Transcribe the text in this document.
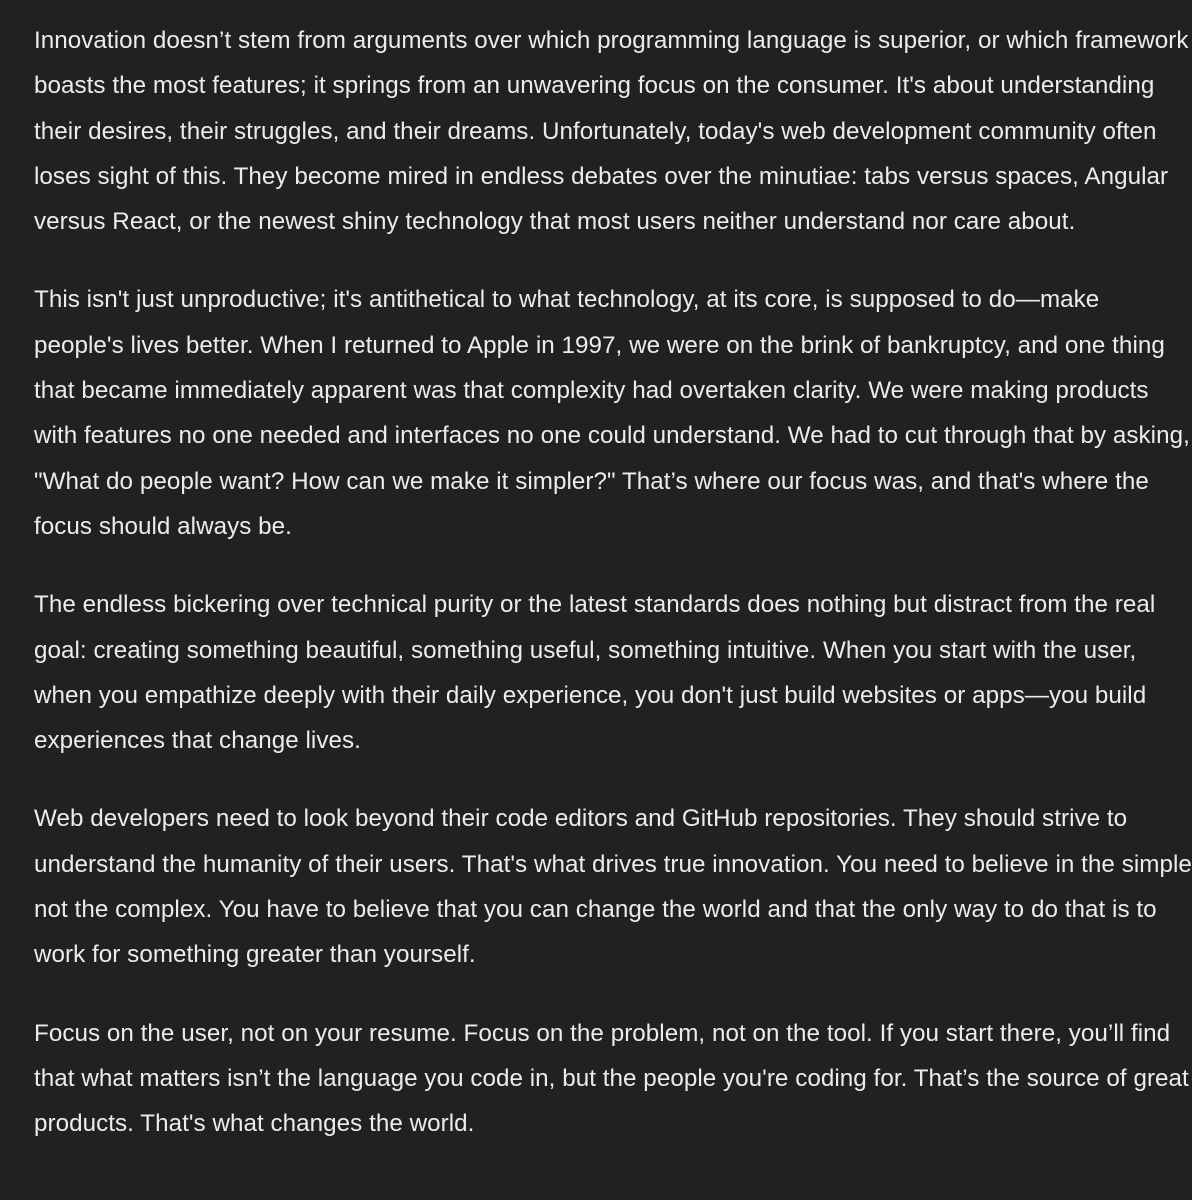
Innovation doesn’t stem from arguments over which programming language is superior, or which framework boasts the most features; it springs from an unwavering focus on the consumer. It's about understanding their desires, their struggles, and their dreams. Unfortunately, today's web development community often loses sight of this. They become mired in endless debates over the minutiae: tabs versus spaces, Angular versus React, or the newest shiny technology that most users neither understand nor care about.

This isn't just unproductive; it's antithetical to what technology, at its core, is supposed to do—make people's lives better. When I returned to Apple in 1997, we were on the brink of bankruptcy, and one thing that became immediately apparent was that complexity had overtaken clarity. We were making products with features no one needed and interfaces no one could understand. We had to cut through that by asking, "What do people want? How can we make it simpler?" That’s where our focus was, and that's where the focus should always be.

The endless bickering over technical purity or the latest standards does nothing but distract from the real goal: creating something beautiful, something useful, something intuitive. When you start with the user, when you empathize deeply with their daily experience, you don't just build websites or apps—you build experiences that change lives.

Web developers need to look beyond their code editors and GitHub repositories. They should strive to understand the humanity of their users. That's what drives true innovation. You need to believe in the simple not the complex. You have to believe that you can change the world and that the only way to do that is to work for something greater than yourself.

Focus on the user, not on your resume. Focus on the problem, not on the tool. If you start there, you’ll find that what matters isn’t the language you code in, but the people you're coding for. That’s the source of great products. That's what changes the world.
